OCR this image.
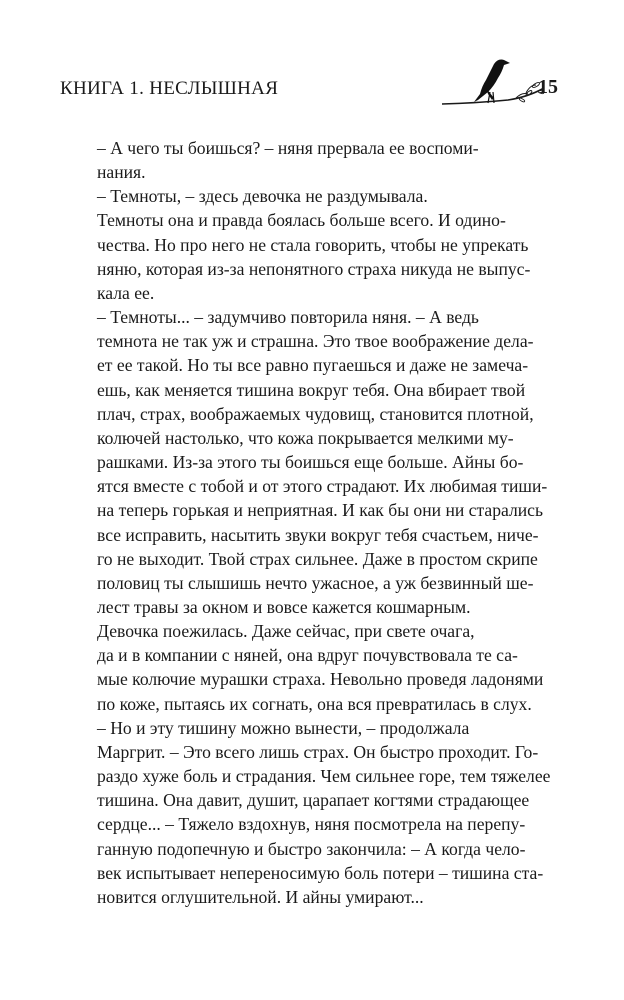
КНИГА 1. НЕСЛЫШНАЯ	15

– А чего ты боишься? – няня прервала ее воспоми-
нания.

– Темноты, – здесь девочка не раздумывала.

Темноты она и правда боялась больше всего. И одино-
чества. Но про него не стала говорить, чтобы не упрекать
няню, которая из-за непонятного страха никуда не выпус-
кала ее.

– Темноты... – задумчиво повторила няня. – А ведь
темнота не так уж и страшна. Это твое воображение дела-
ет ее такой. Но ты все равно пугаешься и даже не замеча-
ешь, как меняется тишина вокруг тебя. Она вбирает твой
плач, страх, воображаемых чудовищ, становится плотной,
колючей настолько, что кожа покрывается мелкими му-
рашками. Из-за этого ты боишься еще больше. Айны бо-
ятся вместе с тобой и от этого страдают. Их любимая тиши-
на теперь горькая и неприятная. И как бы они ни старались
все исправить, насытить звуки вокруг тебя счастьем, ниче-
го не выходит. Твой страх сильнее. Даже в простом скрипе
половиц ты слышишь нечто ужасное, а уж безвинный ше-
лест травы за окном и вовсе кажется кошмарным.

Девочка поежилась. Даже сейчас, при свете очага,
да и в компании с няней, она вдруг почувствовала те са-
мые колючие мурашки страха. Невольно проведя ладонями
по коже, пытаясь их согнать, она вся превратилась в слух.

– Но и эту тишину можно вынести, – продолжала
Маргрит. – Это всего лишь страх. Он быстро проходит. Го-
раздо хуже боль и страдания. Чем сильнее горе, тем тяжелее
тишина. Она давит, душит, царапает когтями страдающее
сердце... – Тяжело вздохнув, няня посмотрела на перепу-
ганную подопечную и быстро закончила: – А когда чело-
век испытывает непереносимую боль потери – тишина ста-
новится оглушительной. И айны умирают...
